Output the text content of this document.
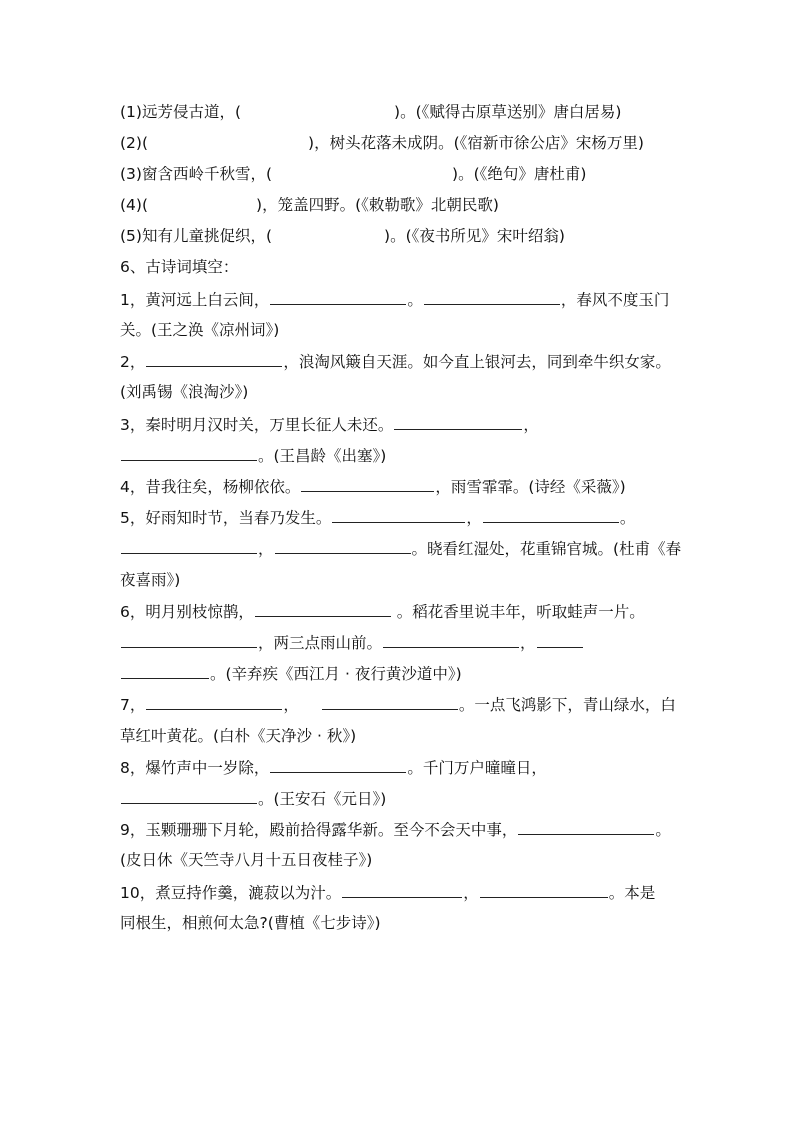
(1)远芳侵古道，(	)。(《赋得古原草送别》唐白居易)
(2)(	)，树头花落未成阴。(《宿新市徐公店》宋杨万里)
(3)窗含西岭千秋雪，(	)。(《绝句》唐杜甫)
(4)(	)，笼盖四野。(《敕勒歌》北朝民歌)
(5)知有儿童挑促织，(	)。(《夜书所见》宋叶绍翁)
6、古诗词填空：
1，黄河远上白云间，	。	，春风不度玉门
关。(王之涣《凉州词》)
2，	，浪淘风簸自天涯。如今直上银河去，同到牵牛织女家。
(刘禹锡《浪淘沙》)
3，秦时明月汉时关，万里长征人未还。	，
。(王昌龄《出塞》)
4，昔我往矣，杨柳依依。	，雨雪霏霏。(诗经《采薇》)
5，好雨知时节，当春乃发生。	，	。
，	。晓看红湿处，花重锦官城。(杜甫《春
夜喜雨》)
6，明月别枝惊鹊，	。稻花香里说丰年，听取蛙声一片。
，两三点雨山前。	，
。(辛弃疾《西江月 · 夜行黄沙道中》)
7，	，	。一点飞鸿影下，青山绿水，白
草红叶黄花。(白朴《天净沙 · 秋》)
8，爆竹声中一岁除，	。千门万户曈曈日，
。(王安石《元日》)
9，玉颗珊珊下月轮，殿前拾得露华新。至今不会天中事，	。
(皮日休《天竺寺八月十五日夜桂子》)
10，煮豆持作羹，漉菽以为汁。	，	。本是
同根生，相煎何太急?(曹植《七步诗》)
